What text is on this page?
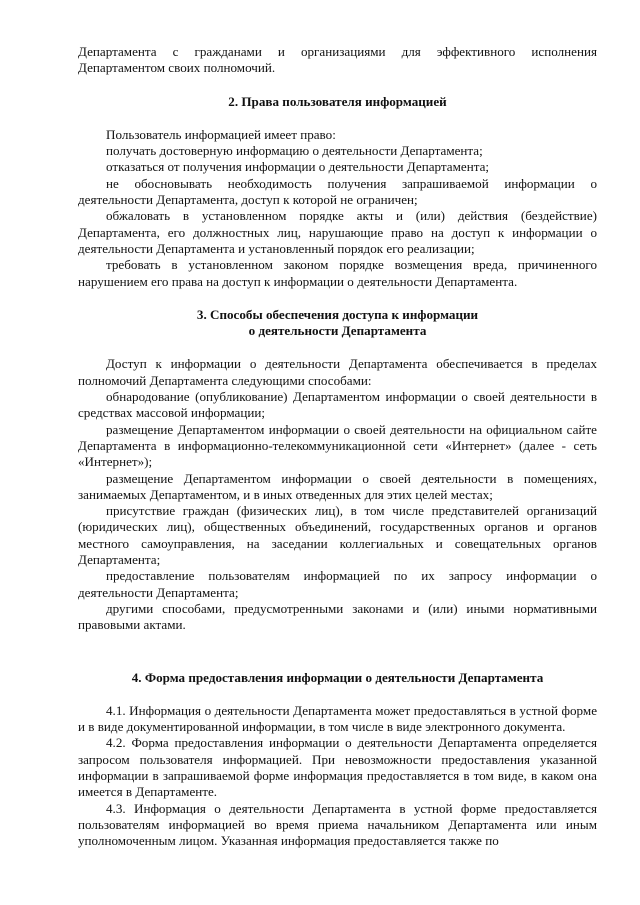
Департамента с гражданами и организациями для эффективного исполнения Департаментом своих полномочий.

2. Права пользователя информацией

Пользователь информацией имеет право:

получать достоверную информацию о деятельности Департамента;

отказаться от получения информации о деятельности Департамента;

не обосновывать необходимость получения запрашиваемой информации о деятельности Департамента, доступ к которой не ограничен;

обжаловать в установленном порядке акты и (или) действия (бездействие) Департамента, его должностных лиц, нарушающие право на доступ к информации о деятельности Департамента и установленный порядок его реализации;

требовать в установленном законом порядке возмещения вреда, причиненного нарушением его права на доступ к информации о деятельности Департамента.

3. Способы обеспечения доступа к информации

о деятельности Департамента

Доступ к информации о деятельности Департамента обеспечивается в пределах полномочий Департамента следующими способами:

обнародование (опубликование) Департаментом информации о своей деятельности в средствах массовой информации;

размещение Департаментом информации о своей деятельности на официальном сайте Департамента в информационно-телекоммуникационной сети «Интернет» (далее - сеть «Интернет»);

размещение Департаментом информации о своей деятельности в помещениях, занимаемых Департаментом, и в иных отведенных для этих целей местах;

присутствие граждан (физических лиц), в том числе представителей организаций (юридических лиц), общественных объединений, государственных органов и органов местного самоуправления, на заседании коллегиальных и совещательных органов Департамента;

предоставление пользователям информацией по их запросу информации о деятельности Департамента;

другими способами, предусмотренными законами и (или) иными нормативными правовыми актами.

4. Форма предоставления информации о деятельности Департамента

4.1. Информация о деятельности Департамента может предоставляться в устной форме и в виде документированной информации, в том числе в виде электронного документа.

4.2. Форма предоставления информации о деятельности Департамента определяется запросом пользователя информацией. При невозможности предоставления указанной информации в запрашиваемой форме информация предоставляется в том виде, в каком она имеется в Департаменте.

4.3. Информация о деятельности Департамента в устной форме предоставляется пользователям информацией во время приема начальником Департамента или иным уполномоченным лицом. Указанная информация предоставляется также по
